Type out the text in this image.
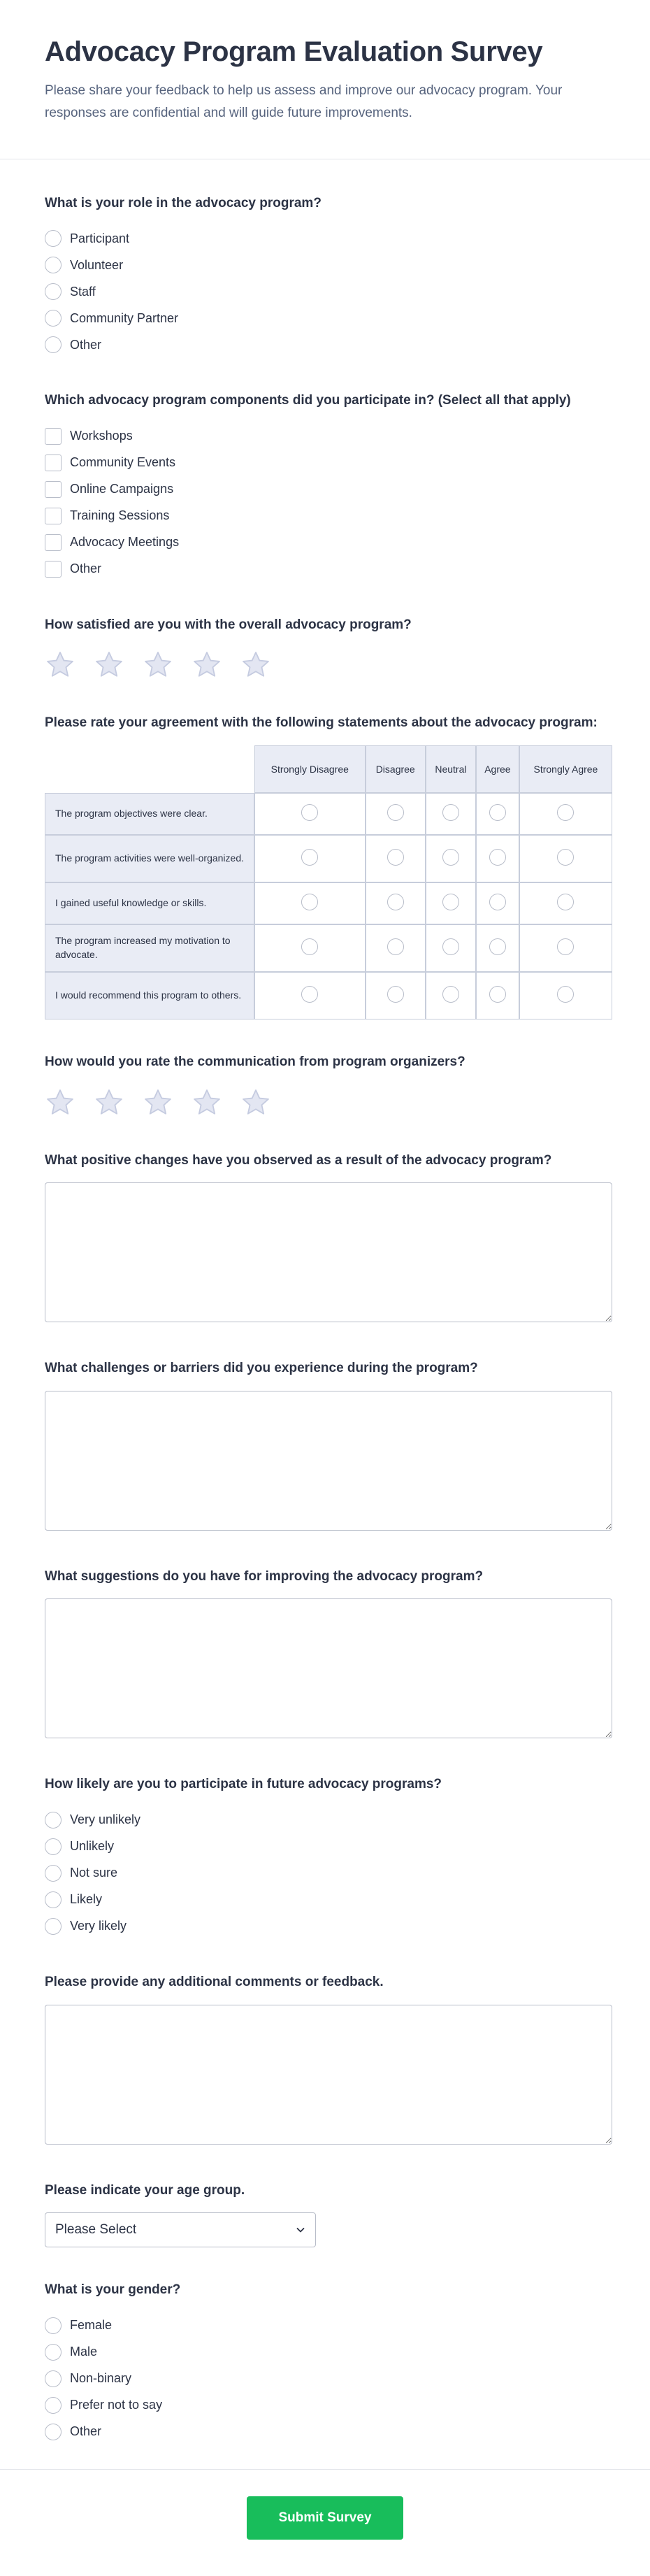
Advocacy Program Evaluation Survey

Please share your feedback to help us assess and improve our advocacy program. Your responses are confidential and will guide future improvements.

What is your role in the advocacy program?
Participant
Volunteer
Staff
Community Partner
Other
Which advocacy program components did you participate in? (Select all that apply)
Workshops
Community Events
Online Campaigns
Training Sessions
Advocacy Meetings
Other
How satisfied are you with the overall advocacy program?
Please rate your agreement with the following statements about the advocacy program:
	Strongly Disagree	Disagree	Neutral	Agree	Strongly Agree
The program objectives were clear.					
The program activities were well-organized.					
I gained useful knowledge or skills.					
The program increased my motivation to advocate.					
I would recommend this program to others.					
How would you rate the communication from program organizers?
What positive changes have you observed as a result of the advocacy program?
What challenges or barriers did you experience during the program?
What suggestions do you have for improving the advocacy program?
How likely are you to participate in future advocacy programs?
Very unlikely
Unlikely
Not sure
Likely
Very likely
Please provide any additional comments or feedback.
Please indicate your age group.
Please Select
What is your gender?
Female
Male
Non-binary
Prefer not to say
Other
Submit Survey
